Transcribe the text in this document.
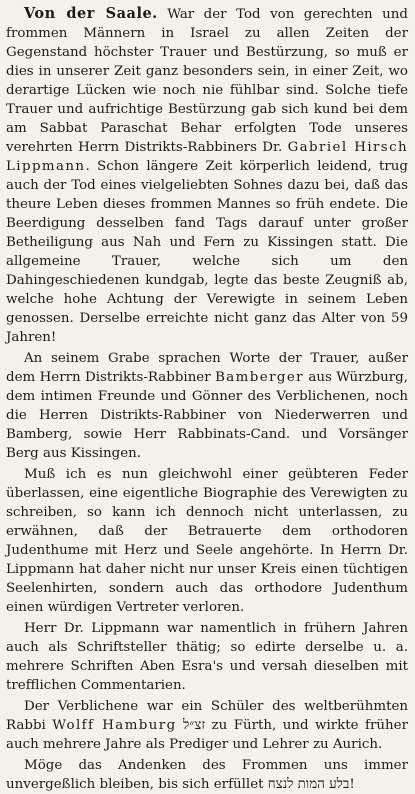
Von der Saale. War der Tod von gerechten und frommen Männern in Israel zu allen Zeiten der Gegenstand höchster Trauer und Bestürzung, so muß er dies in unserer Zeit ganz besonders sein, in einer Zeit, wo derartige Lücken wie noch nie fühlbar sind. Solche tiefe Trauer und aufrichtige Bestürzung gab sich kund bei dem am Sabbat Paraschat Behar erfolgten Tode unseres verehrten Herrn Distrikts-Rabbiners Dr. Gabriel Hirsch Lippmann. Schon längere Zeit körperlich leidend, trug auch der Tod eines vielgeliebten Sohnes dazu bei, daß das theure Leben dieses frommen Mannes so früh endete. Die Beerdigung desselben fand Tags darauf unter großer Betheiligung aus Nah und Fern zu Kissingen statt. Die allgemeine Trauer, welche sich um den Dahingeschiedenen kundgab, legte das beste Zeugniß ab, welche hohe Achtung der Verewigte in seinem Leben genossen. Derselbe erreichte nicht ganz das Alter von 59 Jahren!

An seinem Grabe sprachen Worte der Trauer, außer dem Herrn Distrikts-Rabbiner Bamberger aus Würzburg, dem intimen Freunde und Gönner des Verblichenen, noch die Herren Distrikts-Rabbiner von Niederwerren und Bamberg, sowie Herr Rabbinats-Cand. und Vorsänger Berg aus Kissingen.

Muß ich es nun gleichwohl einer geübteren Feder überlassen, eine eigentliche Biographie des Verewigten zu schreiben, so kann ich dennoch nicht unterlassen, zu erwähnen, daß der Betrauerte dem orthodoren Judenthume mit Herz und Seele angehörte. In Herrn Dr. Lippmann hat daher nicht nur unser Kreis einen tüchtigen Seelenhirten, sondern auch das orthodore Judenthum einen würdigen Vertreter verloren.

Herr Dr. Lippmann war namentlich in frühern Jahren auch als Schriftsteller thätig; so edirte derselbe u. a. mehrere Schriften Aben Esra's und versah dieselben mit trefflichen Commentarien.

Der Verblichene war ein Schüler des weltberühmten Rabbi Wolff Hamburg זצ״ל zu Fürth, und wirkte früher auch mehrere Jahre als Prediger und Lehrer zu Aurich.

Möge das Andenken des Frommen uns immer unvergeßlich bleiben, bis sich erfüllet בלע המות לנצח!
